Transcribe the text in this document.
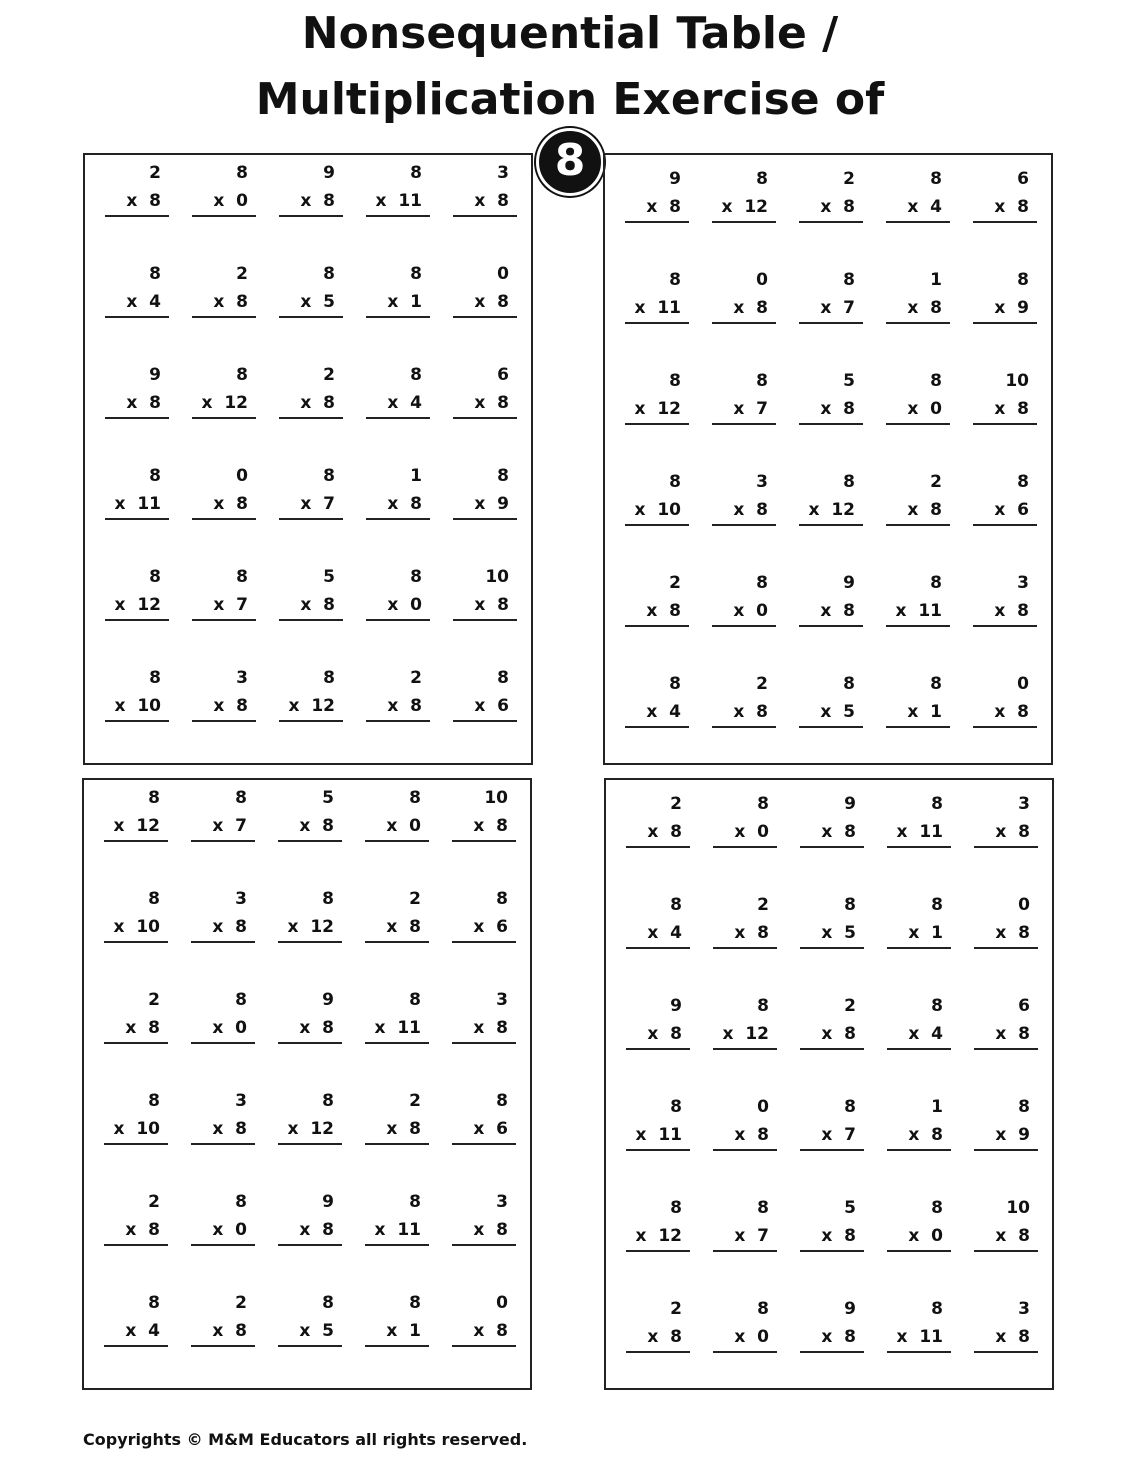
Nonsequential Table /
Multiplication Exercise of
8
2
x  8
8
x  0
9
x  8
8
x  11
3
x  8
8
x  4
2
x  8
8
x  5
8
x  1
0
x  8
9
x  8
8
x  12
2
x  8
8
x  4
6
x  8
8
x  11
0
x  8
8
x  7
1
x  8
8
x  9
8
x  12
8
x  7
5
x  8
8
x  0
10
x  8
8
x  10
3
x  8
8
x  12
2
x  8
8
x  6
9
x  8
8
x  12
2
x  8
8
x  4
6
x  8
8
x  11
0
x  8
8
x  7
1
x  8
8
x  9
8
x  12
8
x  7
5
x  8
8
x  0
10
x  8
8
x  10
3
x  8
8
x  12
2
x  8
8
x  6
2
x  8
8
x  0
9
x  8
8
x  11
3
x  8
8
x  4
2
x  8
8
x  5
8
x  1
0
x  8
8
x  12
8
x  7
5
x  8
8
x  0
10
x  8
8
x  10
3
x  8
8
x  12
2
x  8
8
x  6
2
x  8
8
x  0
9
x  8
8
x  11
3
x  8
8
x  10
3
x  8
8
x  12
2
x  8
8
x  6
2
x  8
8
x  0
9
x  8
8
x  11
3
x  8
8
x  4
2
x  8
8
x  5
8
x  1
0
x  8
2
x  8
8
x  0
9
x  8
8
x  11
3
x  8
8
x  4
2
x  8
8
x  5
8
x  1
0
x  8
9
x  8
8
x  12
2
x  8
8
x  4
6
x  8
8
x  11
0
x  8
8
x  7
1
x  8
8
x  9
8
x  12
8
x  7
5
x  8
8
x  0
10
x  8
2
x  8
8
x  0
9
x  8
8
x  11
3
x  8
Copyrights © M&M Educators all rights reserved.
